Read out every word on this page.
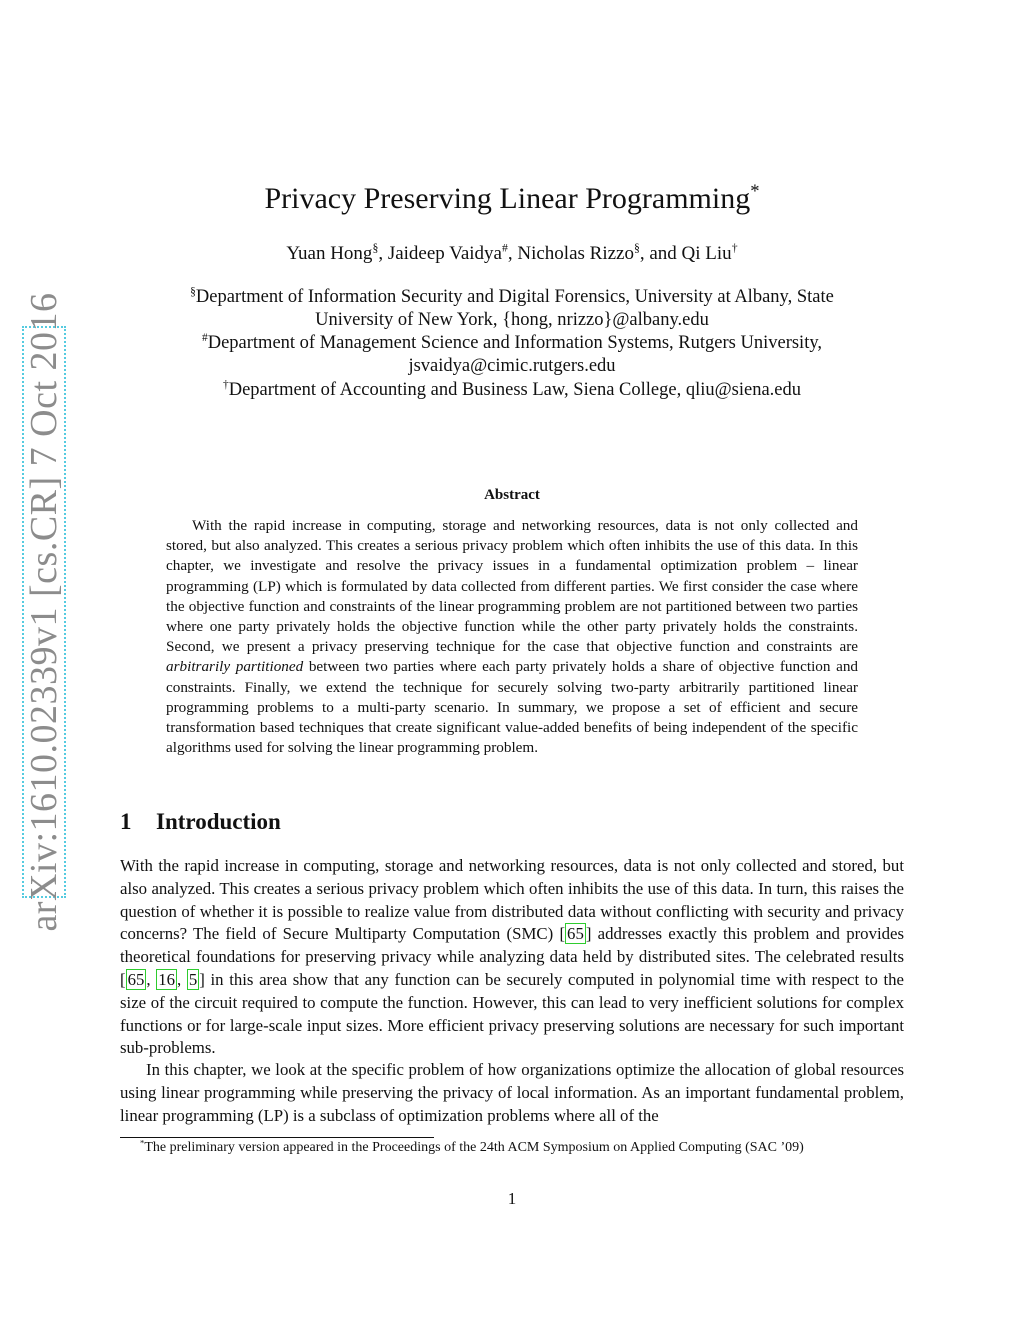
arXiv:1610.02339v1 [cs.CR] 7 Oct 2016
Privacy Preserving Linear Programming*
Yuan Hong§, Jaideep Vaidya#, Nicholas Rizzo§, and Qi Liu†
§Department of Information Security and Digital Forensics, University at Albany, State University of New York, {hong, nrizzo}@albany.edu
#Department of Management Science and Information Systems, Rutgers University, jsvaidya@cimic.rutgers.edu
†Department of Accounting and Business Law, Siena College, qliu@siena.edu
Abstract

With the rapid increase in computing, storage and networking resources, data is not only collected and stored, but also analyzed. This creates a serious privacy problem which often inhibits the use of this data. In this chapter, we investigate and resolve the privacy issues in a fundamental optimization problem – linear programming (LP) which is formulated by data collected from different parties. We first consider the case where the objective function and constraints of the linear programming problem are not partitioned between two parties where one party privately holds the objective function while the other party privately holds the constraints. Second, we present a privacy preserving technique for the case that objective function and constraints are arbitrarily partitioned between two parties where each party privately holds a share of objective function and constraints. Finally, we extend the technique for securely solving two-party arbitrarily partitioned linear programming problems to a multi-party scenario. In summary, we propose a set of efficient and secure transformation based techniques that create significant value-added benefits of being independent of the specific algorithms used for solving the linear programming problem.

1 Introduction

With the rapid increase in computing, storage and networking resources, data is not only collected and stored, but also analyzed. This creates a serious privacy problem which often inhibits the use of this data. In turn, this raises the question of whether it is possible to realize value from distributed data without conflicting with security and privacy concerns? The field of Secure Multiparty Computation (SMC) [ 65 ] addresses exactly this problem and provides theoretical foundations for preserving privacy while analyzing data held by distributed sites. The celebrated results [ 65 , 16 , 5 ] in this area show that any function can be securely computed in polynomial time with respect to the size of the circuit required to compute the function. However, this can lead to very inefficient solutions for complex functions or for large-scale input sizes. More efficient privacy preserving solutions are necessary for such important sub-problems.

In this chapter, we look at the specific problem of how organizations optimize the allocation of global resources using linear programming while preserving the privacy of local information. As an important fundamental problem, linear programming (LP) is a subclass of optimization problems where all of the

*The preliminary version appeared in the Proceedings of the 24th ACM Symposium on Applied Computing (SAC ’09)
1
